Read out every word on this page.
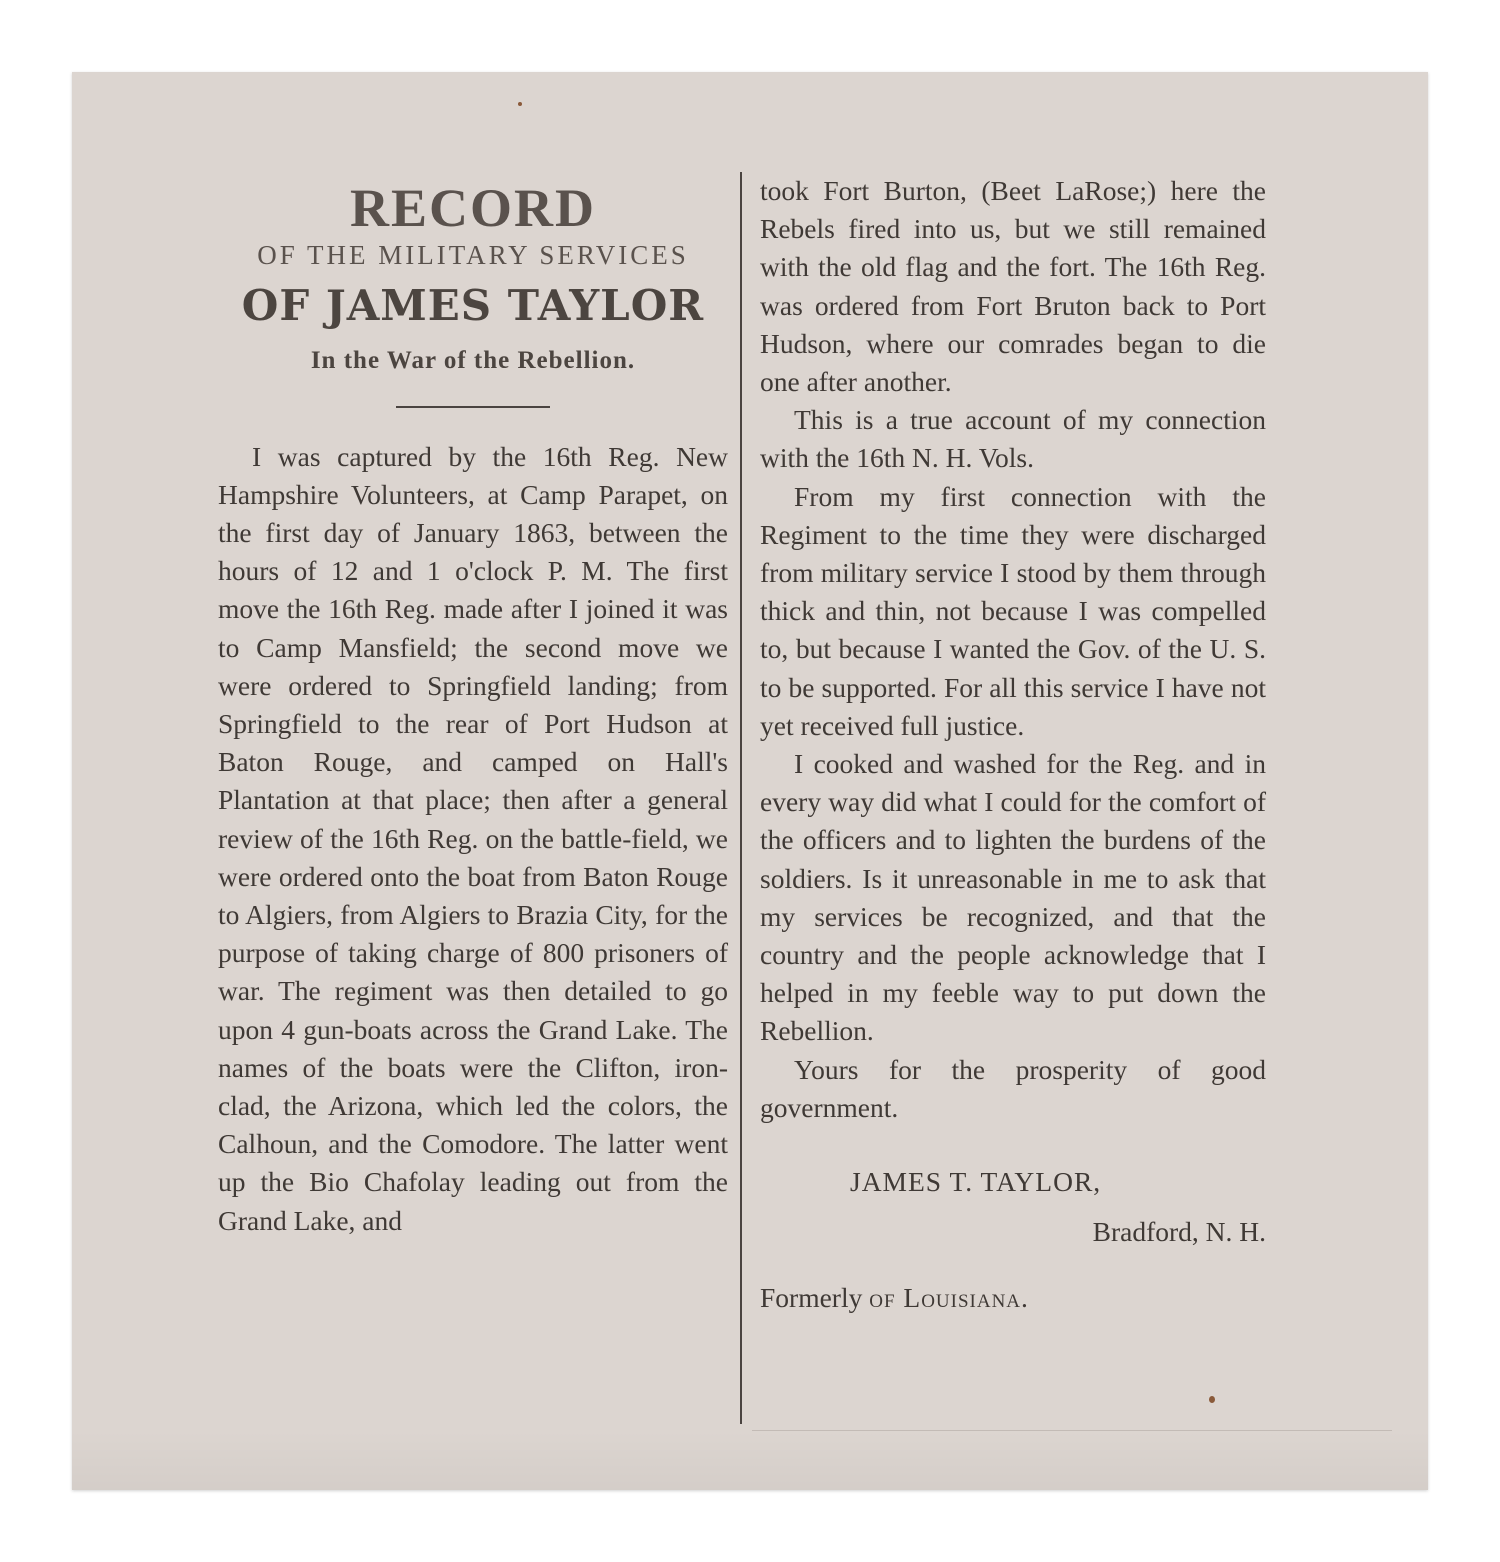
RECORD
OF THE MILITARY SERVICES
OF JAMES TAYLOR
In the War of the Rebellion.

I was captured by the 16th Reg. New Hampshire Volunteers, at Camp Parapet, on the first day of January 1863, between the hours of 12 and 1 o'clock P. M. The first move the 16th Reg. made after I joined it was to Camp Mansfield; the second move we were ordered to Springfield landing; from Springfield to the rear of Port Hudson at Baton Rouge, and camped on Hall's Plantation at that place; then after a general review of the 16th Reg. on the battle-field, we were ordered onto the boat from Baton Rouge to Algiers, from Algiers to Brazia City, for the purpose of taking charge of 800 prisoners of war. The regiment was then detailed to go upon 4 gun-boats across the Grand Lake. The names of the boats were the Clifton, iron-clad, the Arizona, which led the colors, the Calhoun, and the Comodore. The latter went up the Bio Chafolay leading out from the Grand Lake, and

took Fort Burton, (Beet LaRose;) here the Rebels fired into us, but we still remained with the old flag and the fort. The 16th Reg. was ordered from Fort Bruton back to Port Hudson, where our comrades began to die one after another.

This is a true account of my connection with the 16th N. H. Vols.

From my first connection with the Regiment to the time they were discharged from military service I stood by them through thick and thin, not because I was compelled to, but because I wanted the Gov. of the U. S. to be supported. For all this service I have not yet received full justice.

I cooked and washed for the Reg. and in every way did what I could for the comfort of the officers and to lighten the burdens of the soldiers. Is it unreasonable in me to ask that my services be recognized, and that the country and the people acknowledge that I helped in my feeble way to put down the Rebellion.

Yours for the prosperity of good government.

JAMES T. TAYLOR,
Bradford, N. H.
Formerly of Louisiana.
